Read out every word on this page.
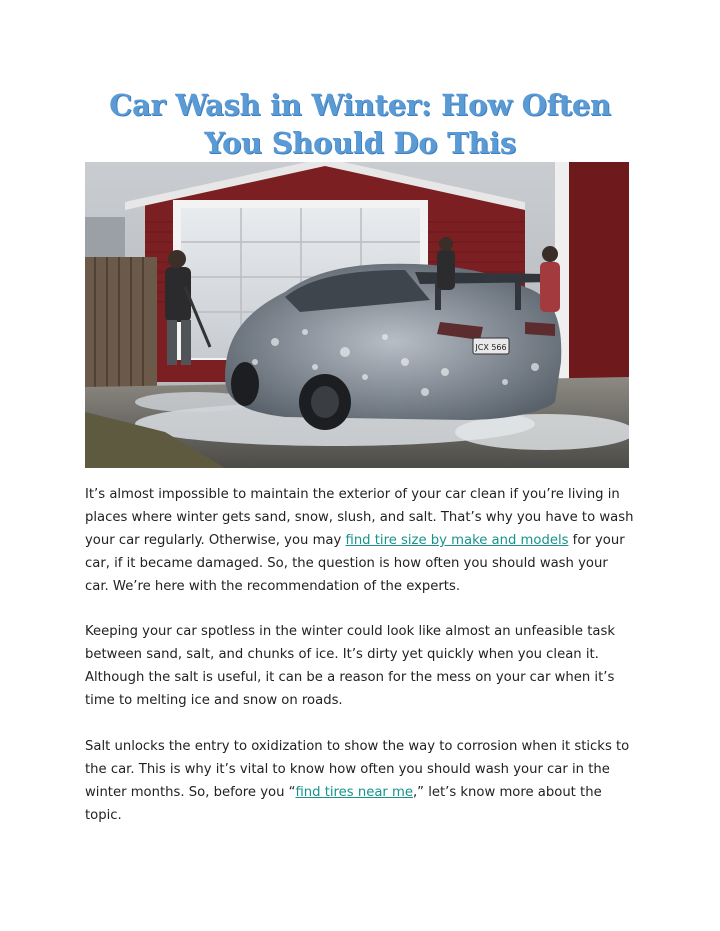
Car Wash in Winter: How Often
You Should Do This
JCX 566

It’s almost impossible to maintain the exterior of your car clean if you’re living in places where winter gets sand, snow, slush, and salt. That’s why you have to wash your car regularly. Otherwise, you may find tire size by make and models for your car, if it became damaged. So, the question is how often you should wash your car. We’re here with the recommendation of the experts.

Keeping your car spotless in the winter could look like almost an unfeasible task between sand, salt, and chunks of ice. It’s dirty yet quickly when you clean it. Although the salt is useful, it can be a reason for the mess on your car when it’s time to melting ice and snow on roads.

Salt unlocks the entry to oxidization to show the way to corrosion when it sticks to the car. This is why it’s vital to know how often you should wash your car in the winter months. So, before you “find tires near me,” let’s know more about the topic.
